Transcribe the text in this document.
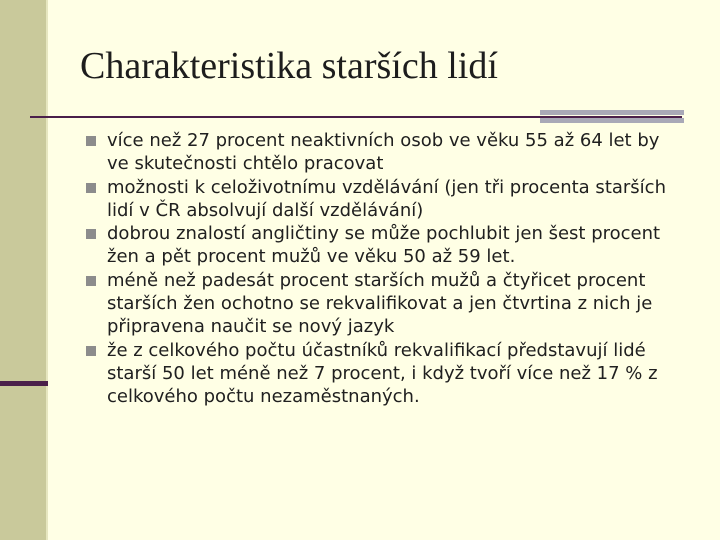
Charakteristika starších lidí
více než 27 procent neaktivních osob ve věku 55 až 64 let by ve skutečnosti chtělo pracovat
možnosti k celoživotnímu vzdělávání (jen tři procenta starších lidí v ČR absolvují další vzdělávání)
dobrou znalostí angličtiny se může pochlubit jen šest procent žen a pět procent mužů ve věku 50 až 59 let.
méně než padesát procent starších mužů a čtyřicet procent starších žen ochotno se rekvalifikovat a jen čtvrtina z nich je připravena naučit se nový jazyk
že z celkového počtu účastníků rekvalifikací představují lidé starší 50 let méně než 7 procent, i když tvoří více než 17 % z celkového počtu nezaměstnaných.
